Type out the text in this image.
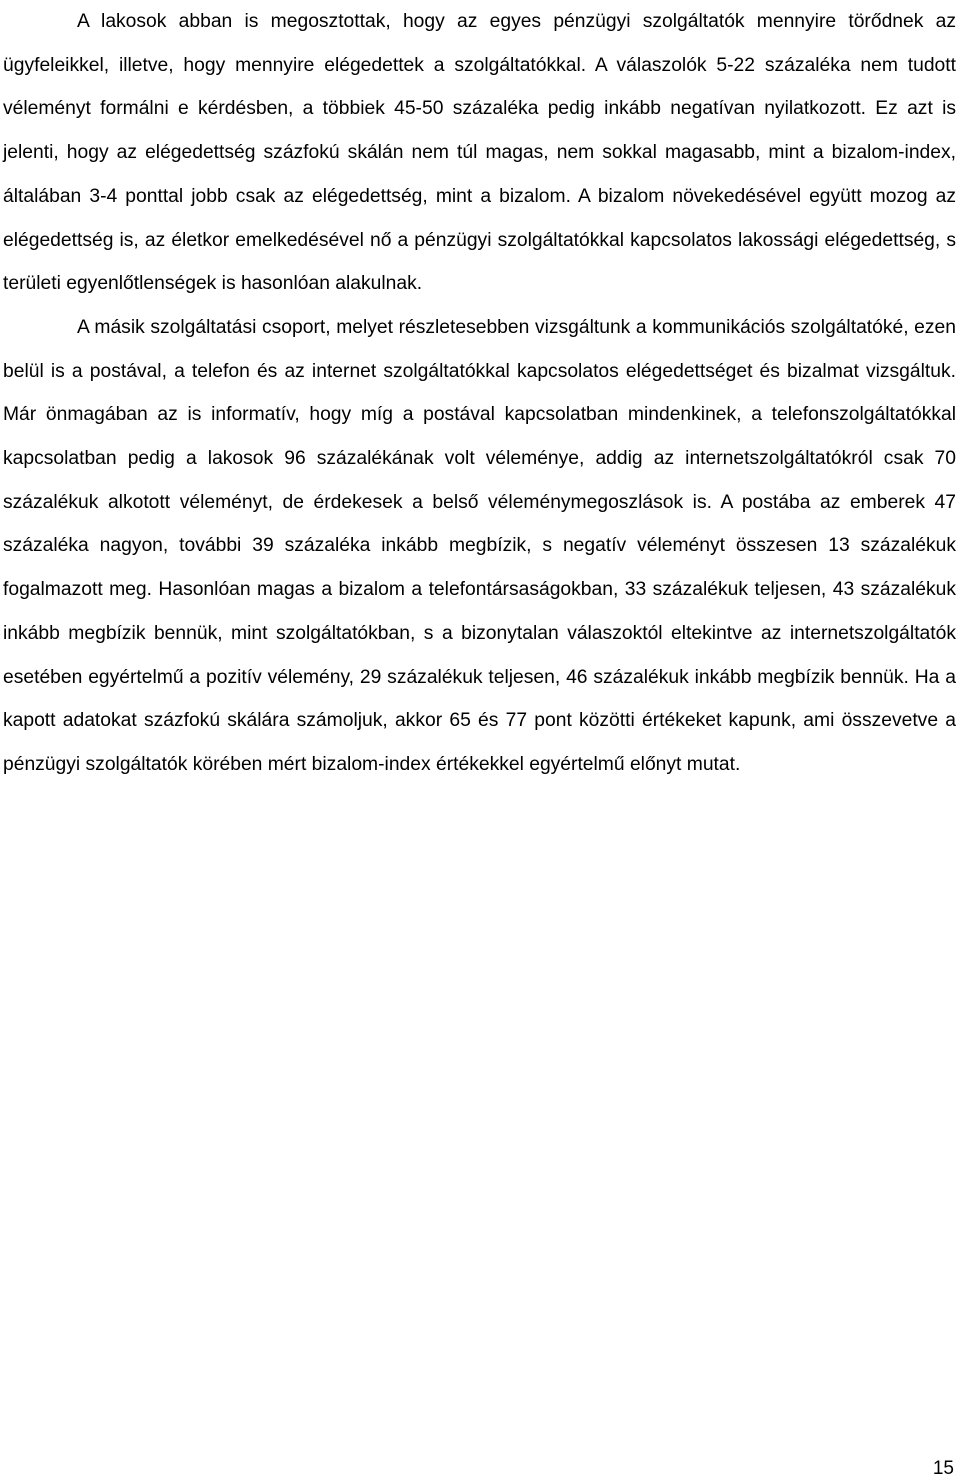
A lakosok abban is megosztottak, hogy az egyes pénzügyi szolgáltatók mennyire törődnek az ügyfeleikkel, illetve, hogy mennyire elégedettek a szolgáltatókkal. A válaszolók 5-22 százaléka nem tudott véleményt formálni e kérdésben, a többiek 45-50 százaléka pedig inkább negatívan nyilatkozott. Ez azt is jelenti, hogy az elégedettség százfokú skálán nem túl magas, nem sokkal magasabb, mint a bizalom-index, általában 3-4 ponttal jobb csak az elégedettség, mint a bizalom. A bizalom növekedésével együtt mozog az elégedettség is, az életkor emelkedésével nő a pénzügyi szolgáltatókkal kapcsolatos lakossági elégedettség, s területi egyenlőtlenségek is hasonlóan alakulnak.

A másik szolgáltatási csoport, melyet részletesebben vizsgáltunk a kommunikációs szolgáltatóké, ezen belül is a postával, a telefon és az internet szolgáltatókkal kapcsolatos elégedettséget és bizalmat vizsgáltuk. Már önmagában az is informatív, hogy míg a postával kapcsolatban mindenkinek, a telefonszolgáltatókkal kapcsolatban pedig a lakosok 96 százalékának volt véleménye, addig az internetszolgáltatókról csak 70 százalékuk alkotott véleményt, de érdekesek a belső véleménymegoszlások is. A postába az emberek 47 százaléka nagyon, további 39 százaléka inkább megbízik, s negatív véleményt összesen 13 százalékuk fogalmazott meg. Hasonlóan magas a bizalom a telefontársaságokban, 33 százalékuk teljesen, 43 százalékuk inkább megbízik bennük, mint szolgáltatókban, s a bizonytalan válaszoktól eltekintve az internetszolgáltatók esetében egyértelmű a pozitív vélemény, 29 százalékuk teljesen, 46 százalékuk inkább megbízik bennük. Ha a kapott adatokat százfokú skálára számoljuk, akkor 65 és 77 pont közötti értékeket kapunk, ami összevetve a pénzügyi szolgáltatók körében mért bizalom-index értékekkel egyértelmű előnyt mutat.

15
